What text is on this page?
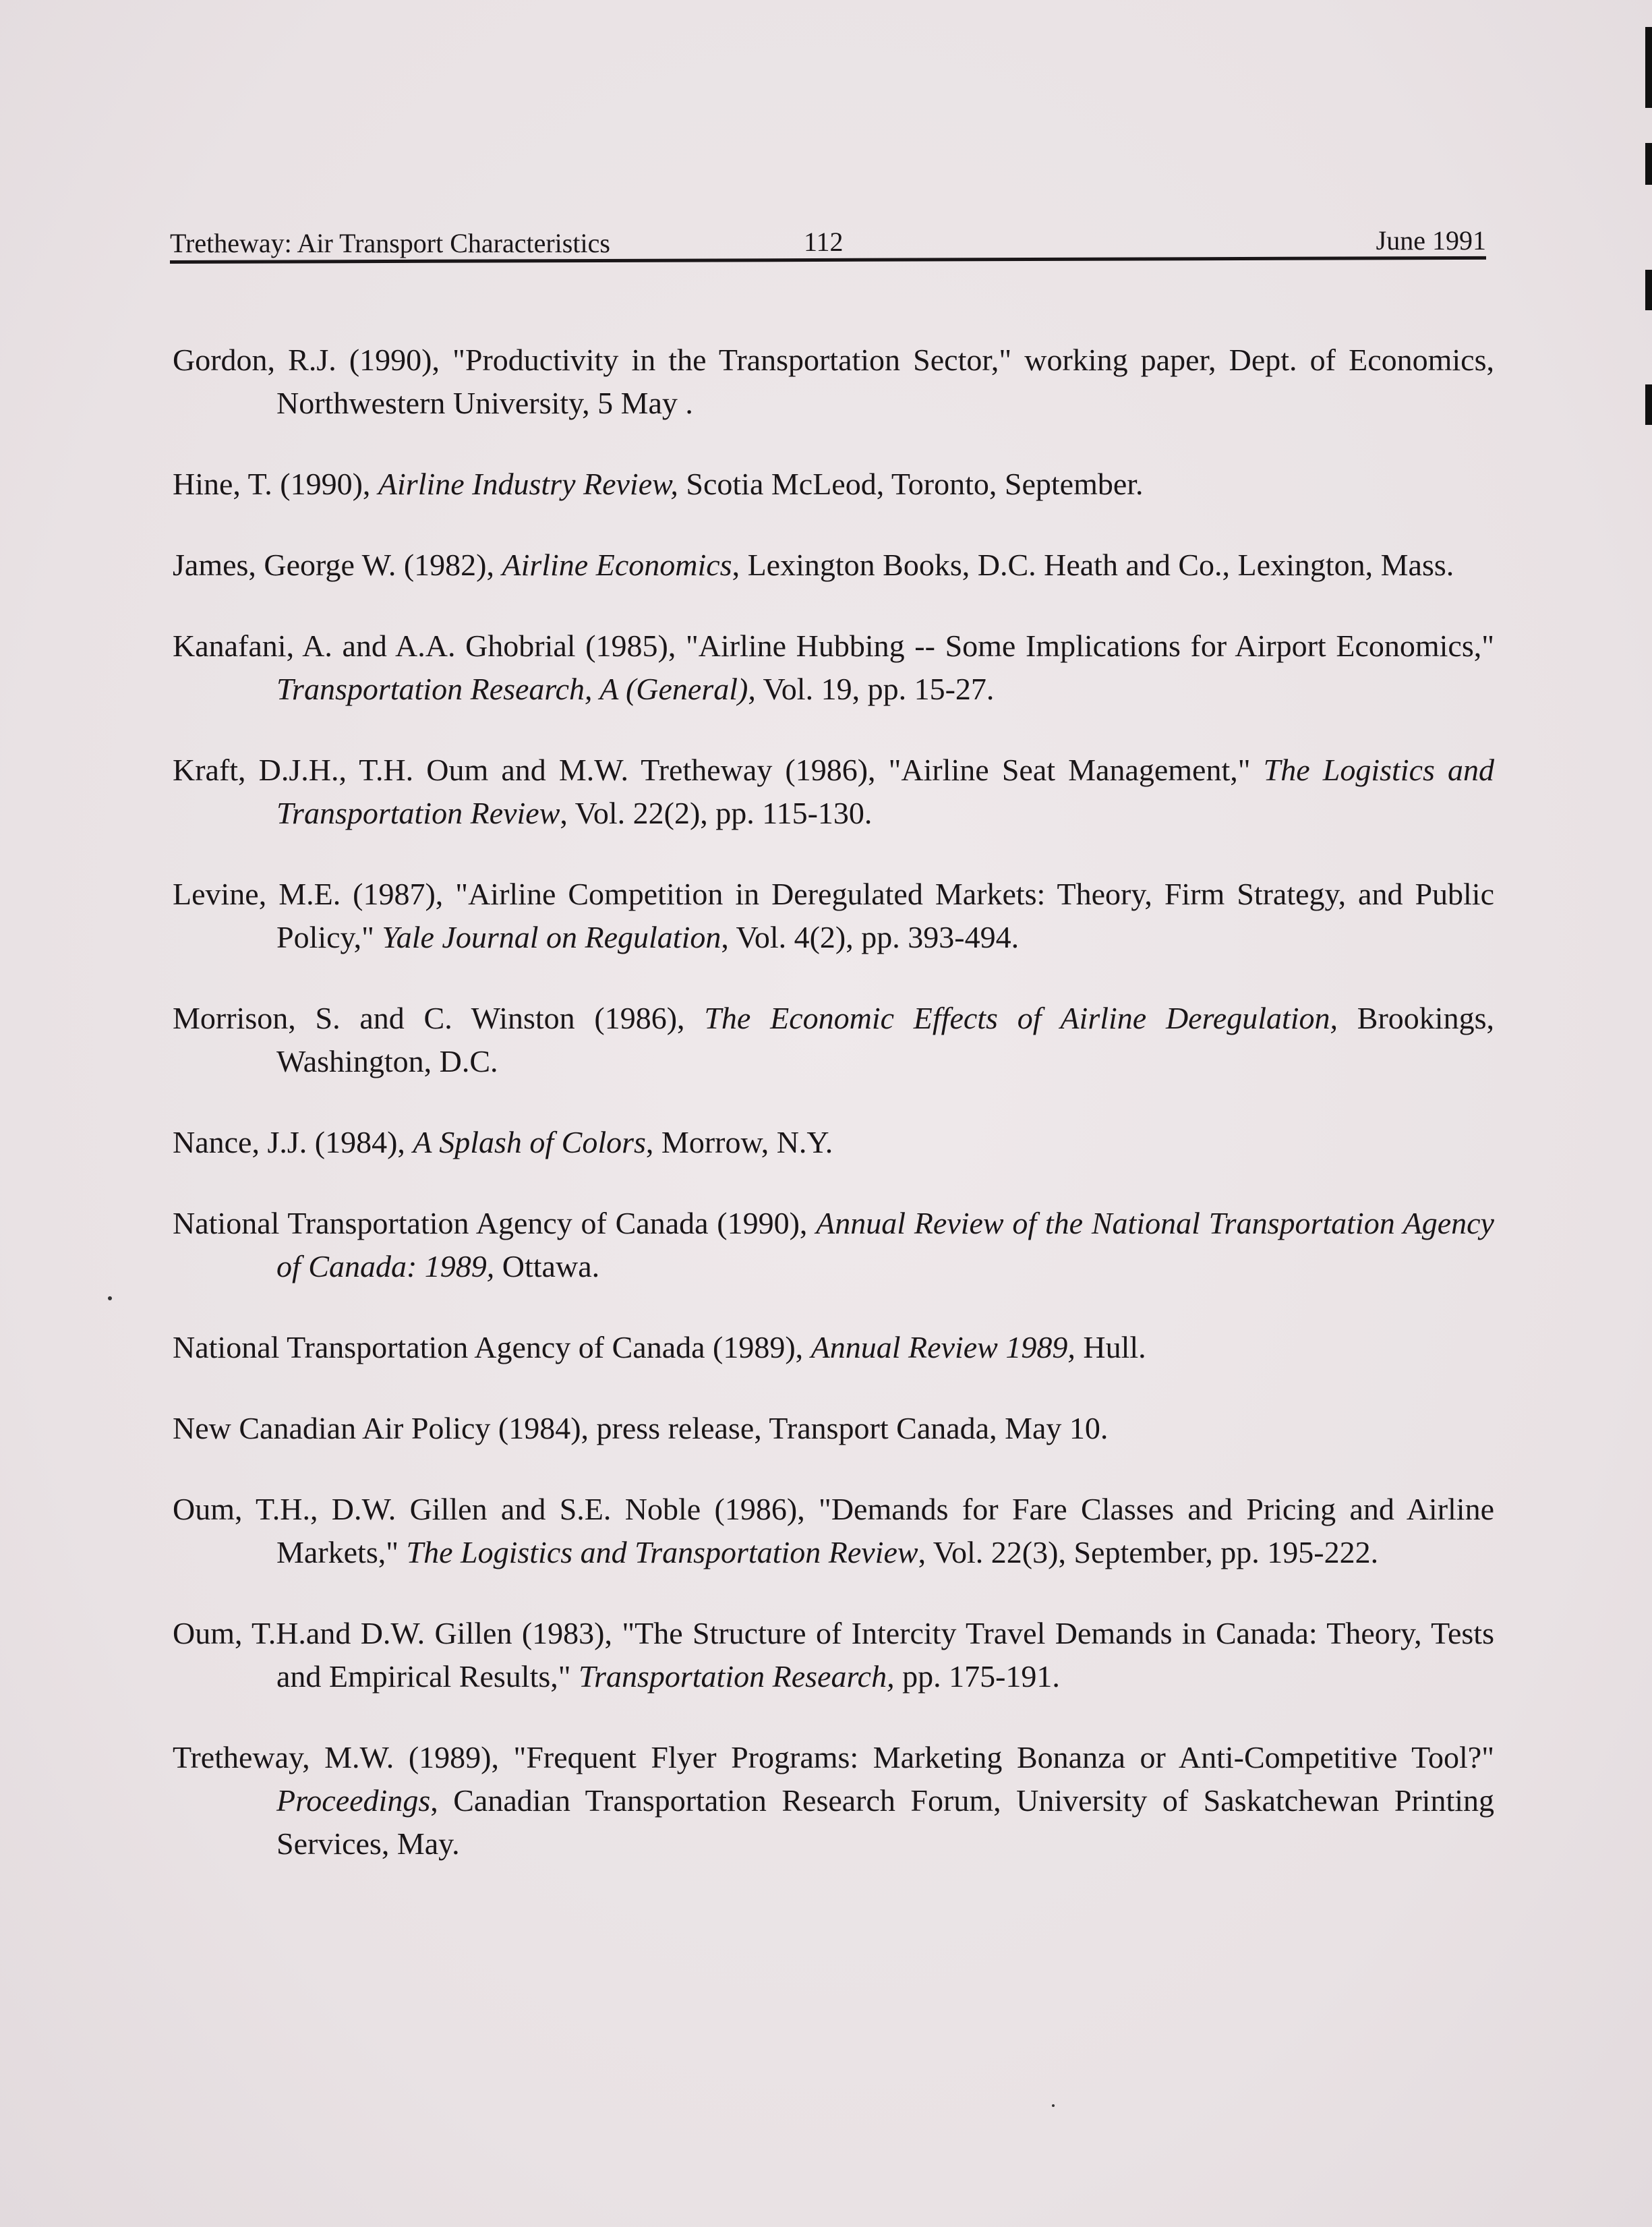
Tretheway: Air Transport Characteristics	112	June 1991

Gordon, R.J. (1990), "Productivity in the Transportation Sector," working paper, Dept. of Economics, Northwestern University, 5 May .

Hine, T. (1990), Airline Industry Review, Scotia McLeod, Toronto, September.

James, George W. (1982), Airline Economics, Lexington Books, D.C. Heath and Co., Lexington, Mass.

Kanafani, A. and A.A. Ghobrial (1985), "Airline Hubbing -- Some Implications for Airport Economics," Transportation Research, A (General), Vol. 19, pp. 15-27.

Kraft, D.J.H., T.H. Oum and M.W. Tretheway (1986), "Airline Seat Management," The Logistics and Transportation Review, Vol. 22(2), pp. 115-130.

Levine, M.E. (1987), "Airline Competition in Deregulated Markets: Theory, Firm Strategy, and Public Policy," Yale Journal on Regulation, Vol. 4(2), pp. 393-494.

Morrison, S. and C. Winston (1986), The Economic Effects of Airline Deregulation, Brookings, Washington, D.C.

Nance, J.J. (1984), A Splash of Colors, Morrow, N.Y.

National Transportation Agency of Canada (1990), Annual Review of the National Transportation Agency of Canada: 1989, Ottawa.

National Transportation Agency of Canada (1989), Annual Review 1989, Hull.

New Canadian Air Policy (1984), press release, Transport Canada, May 10.

Oum, T.H., D.W. Gillen and S.E. Noble (1986), "Demands for Fare Classes and Pricing and Airline Markets," The Logistics and Transportation Review, Vol. 22(3), September, pp. 195-222.

Oum, T.H.and D.W. Gillen (1983), "The Structure of Intercity Travel Demands in Canada: Theory, Tests and Empirical Results," Transportation Research, pp. 175-191.

Tretheway, M.W. (1989), "Frequent Flyer Programs: Marketing Bonanza or Anti-Competitive Tool?" Proceedings, Canadian Transportation Research Forum, University of Saskatchewan Printing Services, May.
